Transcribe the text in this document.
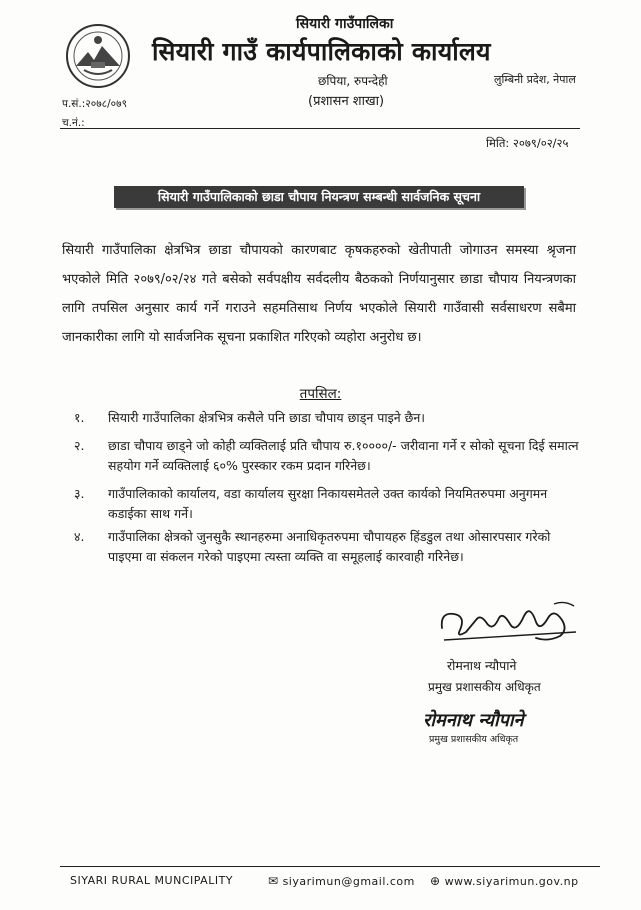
सियारी गाउँपालिका
सियारी गाउँ कार्यपालिकाको कार्यालय
छपिया, रुपन्देही
(प्रशासन शाखा)
लुम्बिनी प्रदेश, नेपाल
प.सं.:२०७८/०७९
च.नं.:
मिति: २०७९/०२/२५
सियारी गाउँपालिकाको छाडा चौपाय नियन्त्रण सम्बन्धी सार्वजनिक सूचना
सियारी गाउँपालिका क्षेत्रभित्र छाडा चौपायको कारणबाट कृषकहरुको खेतीपाती जोगाउन समस्या श्रृजना भएकोले मिति २०७९/०२/२४ गते बसेको सर्वपक्षीय सर्वदलीय बैठकको निर्णयानुसार छाडा चौपाय नियन्त्रणका लागि तपसिल अनुसार कार्य गर्ने गराउने सहमतिसाथ निर्णय भएकोले सियारी गाउँवासी सर्वसाधरण सबैमा जानकारीका लागि यो सार्वजनिक सूचना प्रकाशित गरिएको व्यहोरा अनुरोध छ।
तपसिल:
१. सियारी गाउँपालिका क्षेत्रभित्र कसैले पनि छाडा चौपाय छाड्न पाइने छैन।
२. छाडा चौपाय छाड्ने जो कोही व्यक्तिलाई प्रति चौपाय रु.१००००/- जरीवाना गर्ने र सोको सूचना दिई समात्न सहयोग गर्ने व्यक्तिलाई ६०% पुरस्कार रकम प्रदान गरिनेछ।
३. गाउँपालिकाको कार्यालय, वडा कार्यालय सुरक्षा निकायसमेतले उक्त कार्यको नियमितरुपमा अनुगमन कडाईका साथ गर्ने।
४. गाउँपालिका क्षेत्रको जुनसुकै स्थानहरुमा अनाधिकृतरुपमा चौपायहरु हिंडडुल तथा ओसारपसार गरेको पाइएमा वा संकलन गरेको पाइएमा त्यस्ता व्यक्ति वा समूहलाई कारवाही गरिनेछ।
रोमनाथ न्यौपाने
प्रमुख प्रशासकीय अधिकृत
रोमनाथ न्यौपाने
प्रमुख प्रशासकीय अधिकृत
SIYARI RURAL MUNCIPALITY	✉ siyarimun@gmail.com ⊕ www.siyarimun.gov.np
